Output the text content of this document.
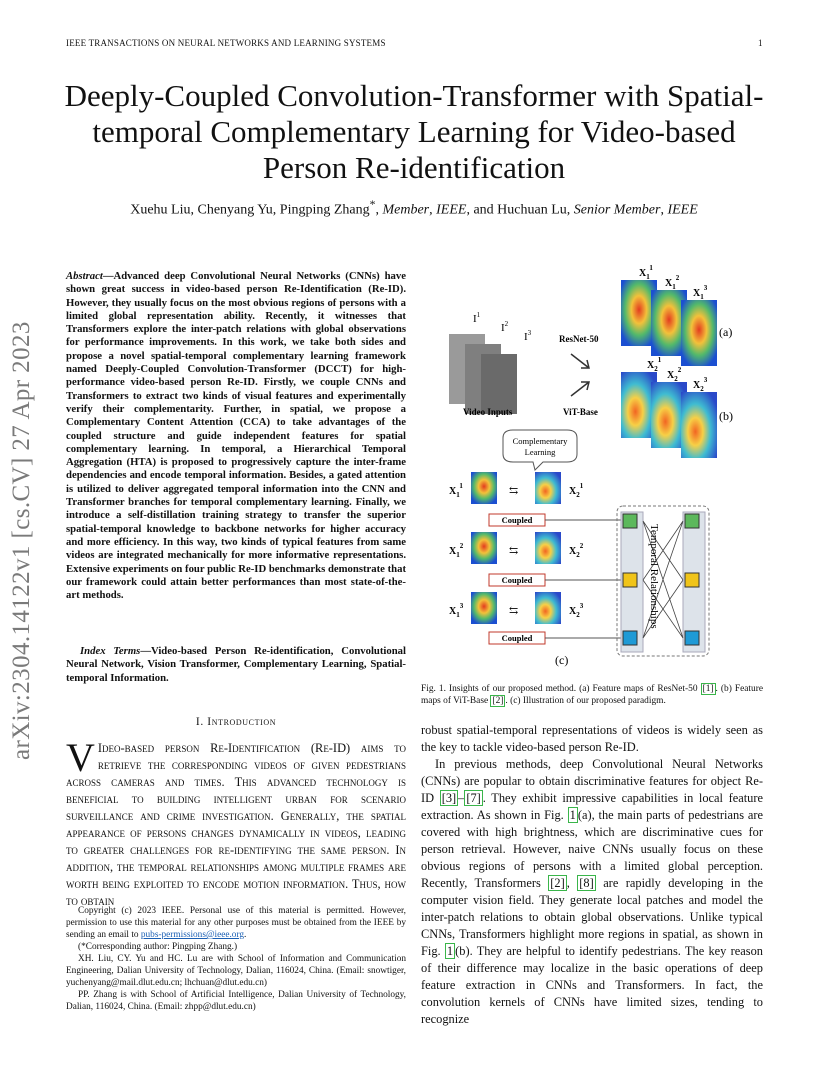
IEEE TRANSACTIONS ON NEURAL NETWORKS AND LEARNING SYSTEMS	1
Deeply-Coupled Convolution-Transformer with Spatial-temporal Complementary Learning for Video-based Person Re-identification
Xuehu Liu, Chenyang Yu, Pingping Zhang*, Member, IEEE, and Huchuan Lu, Senior Member, IEEE
arXiv:2304.14122v1 [cs.CV] 27 Apr 2023

Abstract—Advanced deep Convolutional Neural Networks (CNNs) have shown great success in video-based person Re-Identification (Re-ID). However, they usually focus on the most obvious regions of persons with a limited global representation ability. Recently, it witnesses that Transformers explore the inter-patch relations with global observations for performance improvements. In this work, we take both sides and propose a novel spatial-temporal complementary learning framework named Deeply-Coupled Convolution-Transformer (DCCT) for high-performance video-based person Re-ID. Firstly, we couple CNNs and Transformers to extract two kinds of visual features and experimentally verify their complementarity. Further, in spatial, we propose a Complementary Content Attention (CCA) to take advantages of the coupled structure and guide independent features for spatial complementary learning. In temporal, a Hierarchical Temporal Aggregation (HTA) is proposed to progressively capture the inter-frame dependencies and encode temporal information. Besides, a gated attention is utilized to deliver aggregated temporal information into the CNN and Transformer branches for temporal complementary learning. Finally, we introduce a self-distillation training strategy to transfer the superior spatial-temporal knowledge to backbone networks for higher accuracy and more efficiency. In this way, two kinds of typical features from same videos are integrated mechanically for more informative representations. Extensive experiments on four public Re-ID benchmarks demonstrate that our framework could attain better performances than most state-of-the-art methods.

Index Terms—Video-based Person Re-identification, Convolutional Neural Network, Vision Transformer, Complementary Learning, Spatial-temporal Information.

I. Introduction

V Ideo-based person Re-Identification (Re-ID) aims to retrieve the corresponding videos of given pedestrians across cameras and times. This advanced technology is beneficial to building intelligent urban for scenario surveillance and crime investigation. Generally, the spatial appearance of persons changes dynamically in videos, leading to greater challenges for re-identifying the same person. In addition, the temporal relationships among multiple frames are worth being exploited to encode motion information. Thus, how to obtain

Copyright (c) 2023 IEEE. Personal use of this material is permitted. However, permission to use this material for any other purposes must be obtained from the IEEE by sending an email to pubs-permissions@ieee.org.

(*Corresponding author: Pingping Zhang.)

XH. Liu, CY. Yu and HC. Lu are with School of Information and Communication Engineering, Dalian University of Technology, Dalian, 116024, China. (Email: snowtiger, yuchenyang@mail.dlut.edu.cn; lhchuan@dlut.edu.cn)

PP. Zhang is with School of Artificial Intelligence, Dalian University of Technology, Dalian, 116024, China. (Email: zhpp@dlut.edu.cn)

$I^1$
$I^2$
$I^3$
Video Inputs
ResNet-50
ViT-Base
$X_1^1$
$X_1^2$
$X_1^3$
(a)
$X_2^1$
$X_2^2$
$X_2^3$
(b)
Complementary
Learning
⇆
$X_1^1$	$X_2^1$
Coupled
⇆
$X_1^2$	$X_2^2$
Coupled
⇆
$X_1^3$	$X_2^3$
Coupled
Temporal Relationships
(c)
Fig. 1. Insights of our proposed method. (a) Feature maps of ResNet-50 [1] . (b) Feature maps of ViT-Base [2] . (c) Illustration of our proposed paradigm.

robust spatial-temporal representations of videos is widely seen as the key to tackle video-based person Re-ID.

In previous methods, deep Convolutional Neural Networks (CNNs) are popular to obtain discriminative features for object Re-ID [3] – [7] . They exhibit impressive capabilities in local feature extraction. As shown in Fig. 1 (a), the main parts of pedestrians are covered with high brightness, which are discriminative cues for person retrieval. However, naive CNNs usually focus on these obvious regions of persons with a limited global perception. Recently, Transformers [2] , [8] are rapidly developing in the computer vision field. They generate local patches and model the inter-patch relations to obtain global observations. Unlike typical CNNs, Transformers highlight more regions in spatial, as shown in Fig. 1 (b). They are helpful to identify pedestrians. The key reason of their difference may localize in the basic operations of deep feature extraction in CNNs and Transformers. In fact, the convolution kernels of CNNs have limited sizes, tending to recognize
